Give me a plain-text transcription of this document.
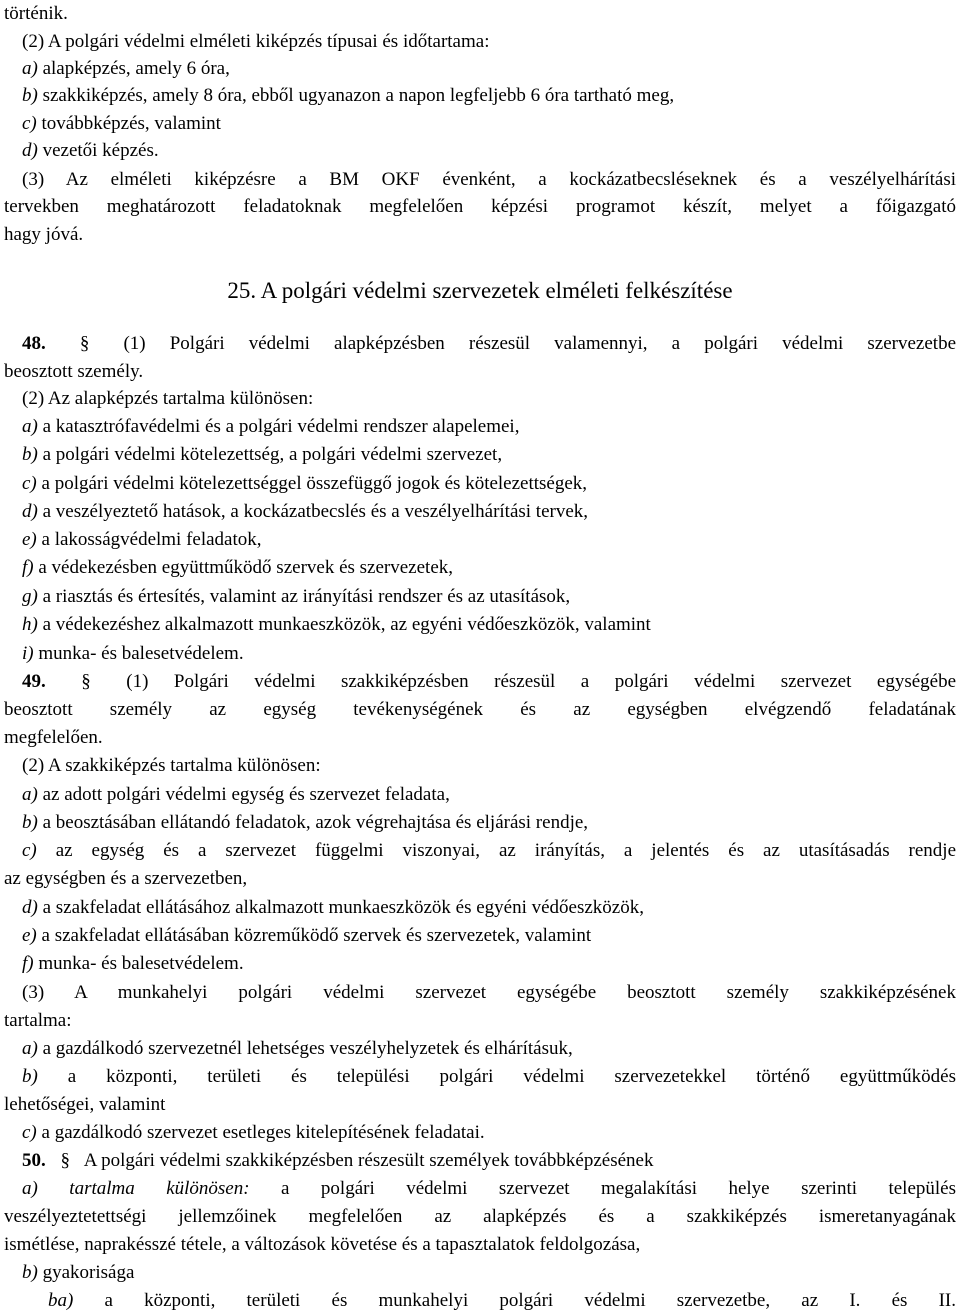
történik.
(2) A polgári védelmi elméleti kiképzés típusai és időtartama:
a) alapképzés, amely 6 óra,
b) szakkiképzés, amely 8 óra, ebből ugyanazon a napon legfeljebb 6 óra tartható meg,
c) továbbképzés, valamint
d) vezetői képzés.
(3) Az elméleti kiképzésre a BM OKF évenként, a kockázatbecsléseknek és a veszélyelhárítási
tervekben meghatározott feladatoknak megfelelően képzési programot készít, melyet a főigazgató
hagy jóvá.
25. A polgári védelmi szervezetek elméleti felkészítése
48. § (1) Polgári védelmi alapképzésben részesül valamennyi, a polgári védelmi szervezetbe
beosztott személy.
(2) Az alapképzés tartalma különösen:
a) a katasztrófavédelmi és a polgári védelmi rendszer alapelemei,
b) a polgári védelmi kötelezettség, a polgári védelmi szervezet,
c) a polgári védelmi kötelezettséggel összefüggő jogok és kötelezettségek,
d) a veszélyeztető hatások, a kockázatbecslés és a veszélyelhárítási tervek,
e) a lakosságvédelmi feladatok,
f) a védekezésben együttműködő szervek és szervezetek,
g) a riasztás és értesítés, valamint az irányítási rendszer és az utasítások,
h) a védekezéshez alkalmazott munkaeszközök, az egyéni védőeszközök, valamint
i) munka- és balesetvédelem.
49. § (1) Polgári védelmi szakkiképzésben részesül a polgári védelmi szervezet egységébe
beosztott személy az egység tevékenységének és az egységben elvégzendő feladatának
megfelelően.
(2) A szakkiképzés tartalma különösen:
a) az adott polgári védelmi egység és szervezet feladata,
b) a beosztásában ellátandó feladatok, azok végrehajtása és eljárási rendje,
c) az egység és a szervezet függelmi viszonyai, az irányítás, a jelentés és az utasításadás rendje
az egységben és a szervezetben,
d) a szakfeladat ellátásához alkalmazott munkaeszközök és egyéni védőeszközök,
e) a szakfeladat ellátásában közreműködő szervek és szervezetek, valamint
f) munka- és balesetvédelem.
(3) A munkahelyi polgári védelmi szervezet egységébe beosztott személy szakkiképzésének
tartalma:
a) a gazdálkodó szervezetnél lehetséges veszélyhelyzetek és elhárításuk,
b) a központi, területi és települési polgári védelmi szervezetekkel történő együttműködés
lehetőségei, valamint
c) a gazdálkodó szervezet esetleges kitelepítésének feladatai.
50. § A polgári védelmi szakkiképzésben részesült személyek továbbképzésének
a) tartalma különösen: a polgári védelmi szervezet megalakítási helye szerinti település
veszélyeztetettségi jellemzőinek megfelelően az alapképzés és a szakkiképzés ismeretanyagának
ismétlése, naprakésszé tétele, a változások követése és a tapasztalatok feldolgozása,
b) gyakorisága
ba) a központi, területi és munkahelyi polgári védelmi szervezetbe, az I. és II.
